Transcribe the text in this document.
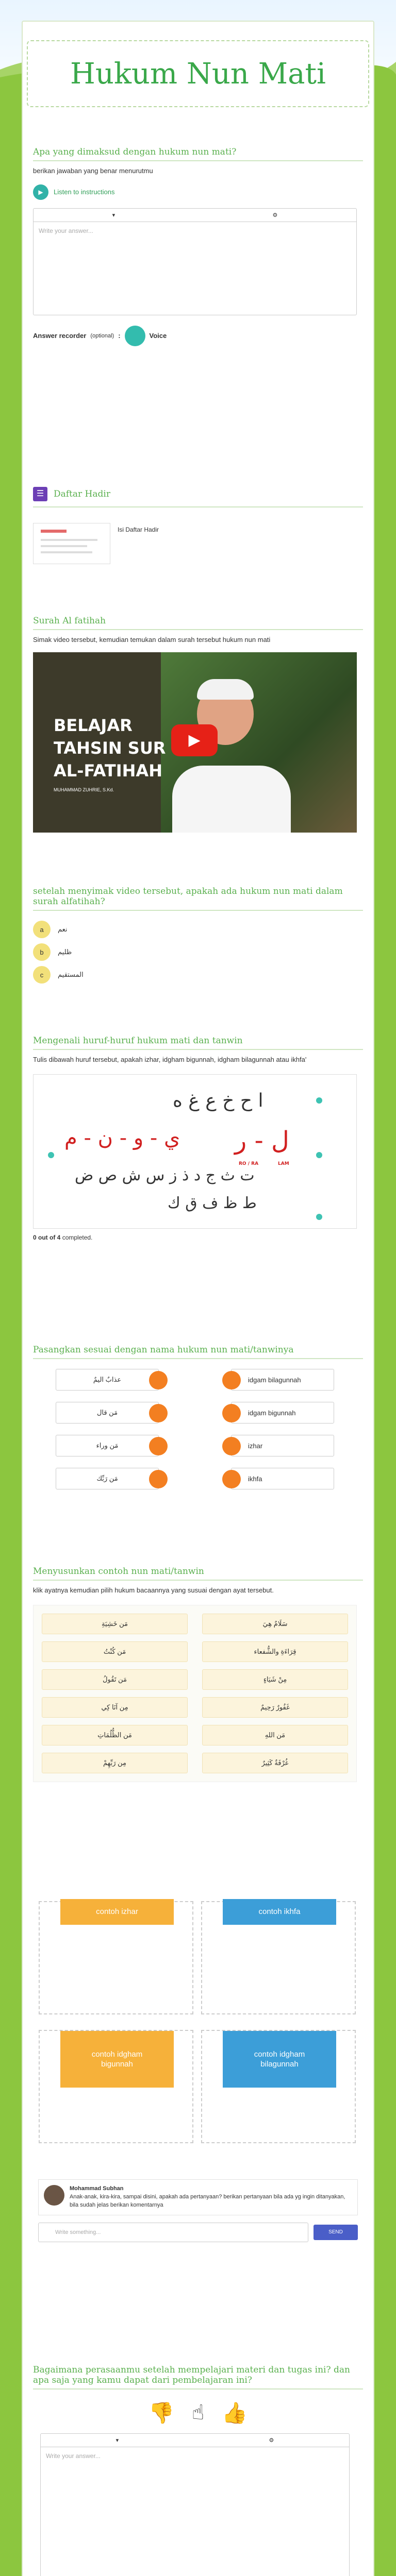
Hukum Nun Mati
Apa yang dimaksud dengan hukum nun mati?
berikan jawaban yang benar menurutmu
▶	Listen to instructions
▾	⚙
Write your answer...
Answer recorder (optional) :	Voice
☰	Daftar Hadir
Isi Daftar Hadir
Surah Al fatihah
Simak video tersebut, kemudian temukan dalam surah tersebut hukum nun mati
BELAJAR
TAHSIN SUR
AL-FATIHAH
MUHAMMAD ZUHRIE, S.Kd.
▶
setelah menyimak video tersebut, apakah ada hukum nun mati dalam surah alfatihah?
a	نعم
b	ظليم
c	المستقيم
Mengenali huruf-huruf hukum mati dan tanwin
Tulis dibawah huruf tersebut, apakah izhar, idgham bigunnah, idgham bilagunnah atau ikhfa'
ا ح خ ع غ ه
ي - و - ن - م ل - ر
RO / RA	LAM
ت ث ج د ذ ز س ش ص ض
ط ظ ف ق ك
0 out of 4 completed.
Pasangkan sesuai dengan nama hukum nun mati/tanwinya
عذابٌ اليمٌ	idgam bilagunnah
مَن قال	idgam bigunnah
مَن وراء	izhar
مَن رَبِّك	ikhfa
Menyusunkan contoh nun mati/tanwin
klik ayatnya kemudian pilih hukum bacaannya yang susuai dengan ayat tersebut.
مَن خَشِيَةِ	سَلَامٌ هِيَ
مَن كُنْتُ	قِرَاءَةِ والشُّفعاء
مَن تَقُولُ	مِنْ شَيَاءٍ
مِن آنَا كِي	غَفُورٌ رَحِيمٌ
مَن الظُّلُمَاتِ	مَن اللهِ
مِن رَبِّهِمْ	غُرْفَةٌ كَثِيرٌ
contoh izhar	contoh ikhfa
contoh idgham bigunnah
contoh idgham bilagunnah
Mohammad Subhan
Anak-anak, kira-kira, sampai disini, apakah ada pertanyaan? berikan pertanyaan bila ada yg ingin ditanyakan, bila sudah jelas berikan komentarnya
Write something...	SEND
Bagaimana perasaanmu setelah mempelajari materi dan tugas ini? dan apa saja yang kamu dapat dari pembelajaran ini?
👎 ☝ 👍
▾	⚙
Write your answer...
